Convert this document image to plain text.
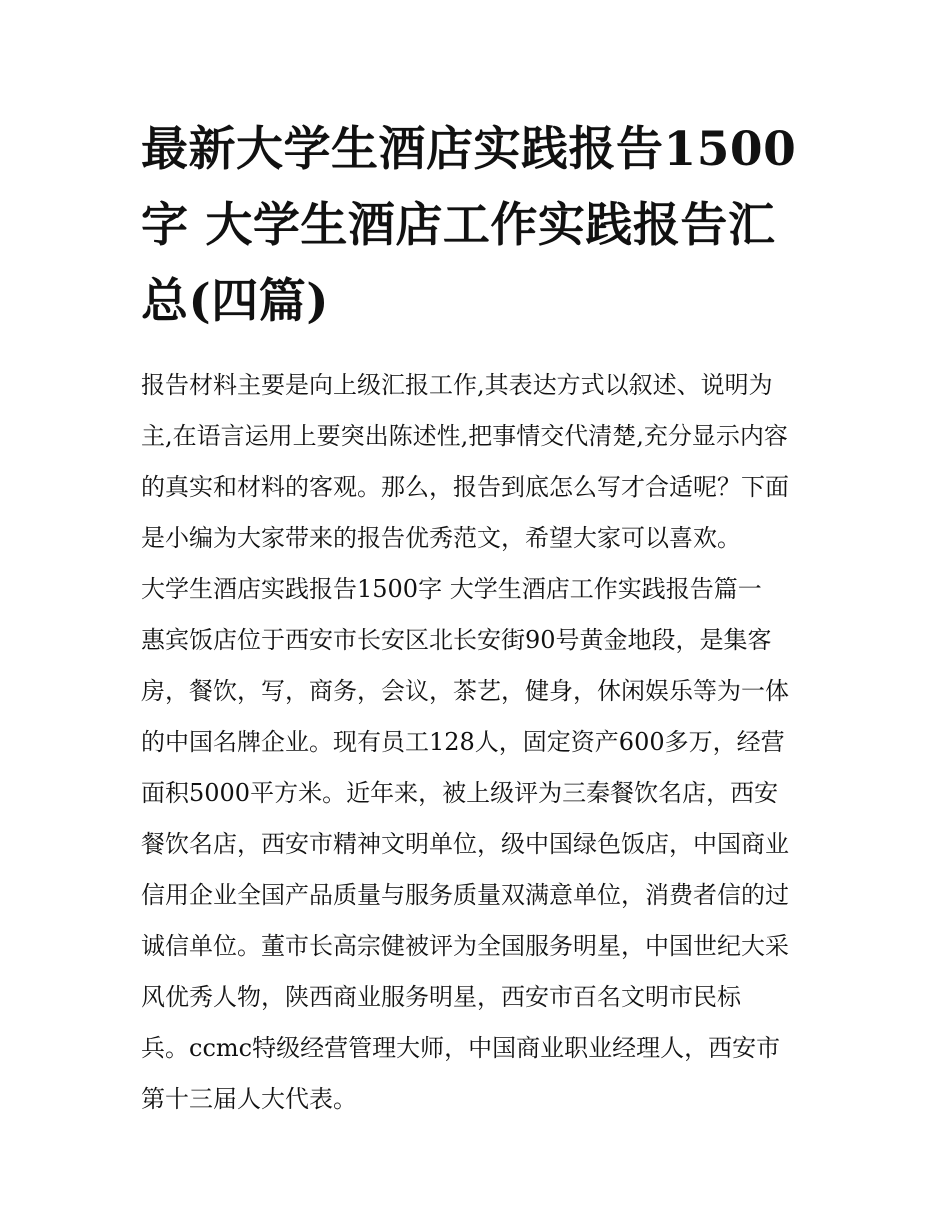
最新大学生酒店实践报告1500
字 大学生酒店工作实践报告汇
总(四篇)
报告材料主要是向上级汇报工作,其表达方式以叙述、说明为
主,在语言运用上要突出陈述性,把事情交代清楚,充分显示内容
的真实和材料的客观。那么，报告到底怎么写才合适呢？下面
是小编为大家带来的报告优秀范文，希望大家可以喜欢。
大学生酒店实践报告1500字 大学生酒店工作实践报告篇一
惠宾饭店位于西安市长安区北长安街90号黄金地段，是集客
房，餐饮，写，商务，会议，茶艺，健身，休闲娱乐等为一体
的中国名牌企业。现有员工128人，固定资产600多万，经营
面积5000平方米。近年来，被上级评为三秦餐饮名店，西安
餐饮名店，西安市精神文明单位，级中国绿色饭店，中国商业
信用企业全国产品质量与服务质量双满意单位，消费者信的过
诚信单位。董市长高宗健被评为全国服务明星，中国世纪大采
风优秀人物，陕西商业服务明星，西安市百名文明市民标
兵。ccmc特级经营管理大师，中国商业职业经理人，西安市
第十三届人大代表。
